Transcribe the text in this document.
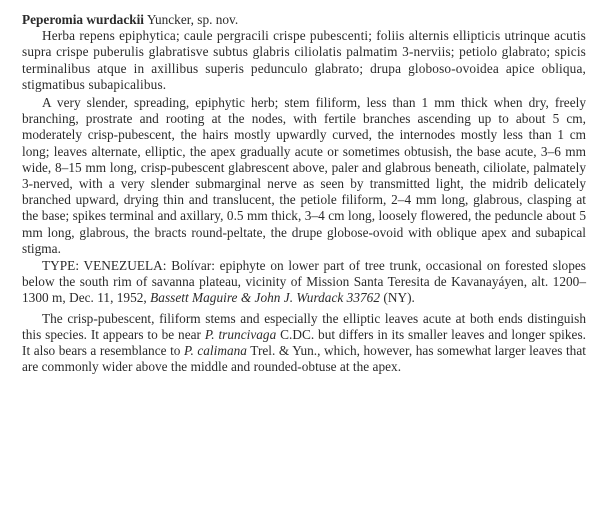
Peperomia wurdackii Yuncker, sp. nov.

Herba repens epiphytica; caule pergracili crispe pubescenti; foliis alternis ellipticis utrinque acutis supra crispe puberulis glabratisve subtus glabris ciliolatis palmatim 3-nerviis; petiolo glabrato; spicis terminalibus atque in axillibus superis pedunculo glabrato; drupa globoso-ovoidea apice obliqua, stigmatibus subapicalibus.

A very slender, spreading, epiphytic herb; stem filiform, less than 1 mm thick when dry, freely branching, prostrate and rooting at the nodes, with fertile branches ascending up to about 5 cm, moderately crisp-pubescent, the hairs mostly upwardly curved, the internodes mostly less than 1 cm long; leaves alternate, elliptic, the apex gradually acute or sometimes obtusish, the base acute, 3–6 mm wide, 8–15 mm long, crisp-pubescent glabrescent above, paler and glabrous beneath, ciliolate, palmately 3-nerved, with a very slender submarginal nerve as seen by transmitted light, the midrib delicately branched upward, drying thin and translucent, the petiole filiform, 2–4 mm long, glabrous, clasping at the base; spikes terminal and axillary, 0.5 mm thick, 3–4 cm long, loosely flowered, the peduncle about 5 mm long, glabrous, the bracts round-peltate, the drupe globose-ovoid with oblique apex and subapical stigma.

TYPE: VENEZUELA: Bolívar: epiphyte on lower part of tree trunk, occasional on forested slopes below the south rim of savanna plateau, vicinity of Mission Santa Teresita de Kavanayáyen, alt. 1200–1300 m, Dec. 11, 1952, Bassett Maguire & John J. Wurdack 33762 (NY).

The crisp-pubescent, filiform stems and especially the elliptic leaves acute at both ends distinguish this species. It appears to be near P. truncivaga C.DC. but differs in its smaller leaves and longer spikes. It also bears a resemblance to P. calimana Trel. & Yun., which, however, has somewhat larger leaves that are commonly wider above the middle and rounded-obtuse at the apex.
